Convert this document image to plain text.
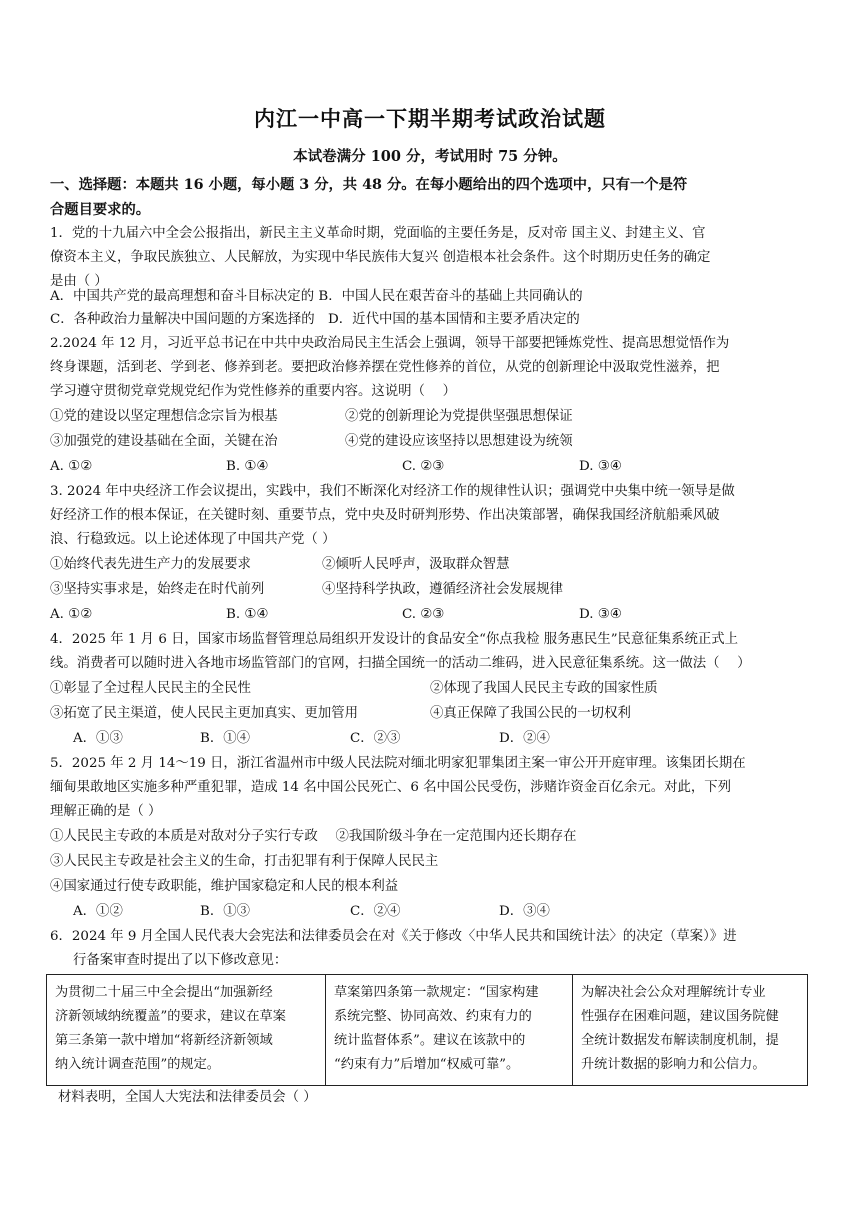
内江一中高一下期半期考试政治试题
本试卷满分 100 分，考试用时 75 分钟。
一、选择题：本题共 16 小题，每小题 3 分，共 48 分。在每小题给出的四个选项中，只有一个是符
合题目要求的。
1．党的十九届六中全会公报指出，新民主主义革命时期，党面临的主要任务是，反对帝 国主义、封建主义、官
僚资本主义，争取民族独立、人民解放，为实现中华民族伟大复兴 创造根本社会条件。这个时期历史任务的确定
是由（ ）
A．中国共产党的最高理想和奋斗目标决定的 B．中国人民在艰苦奋斗的基础上共同确认的
C．各种政治力量解决中国问题的方案选择的　D．近代中国的基本国情和主要矛盾决定的
2.2024 年 12 月，习近平总书记在中共中央政治局民主生活会上强调，领导干部要把锤炼党性、提高思想觉悟作为
终身课题，活到老、学到老、修养到老。要把政治修养摆在党性修养的首位，从党的创新理论中汲取党性滋养，把
学习遵守贯彻党章党规党纪作为党性修养的重要内容。这说明（　 ）
①党的建设以坚定理想信念宗旨为根基	②党的创新理论为党提供坚强思想保证
③加强党的建设基础在全面，关键在治	④党的建设应该坚持以思想建设为统领
A. ①②	B. ①④	C. ②③	D. ③④
3. 2024 年中央经济工作会议提出，实践中，我们不断深化对经济工作的规律性认识；强调党中央集中统一领导是做
好经济工作的根本保证，在关键时刻、重要节点，党中央及时研判形势、作出决策部署，确保我国经济航船乘风破
浪、行稳致远。以上论述体现了中国共产党（ ）
①始终代表先进生产力的发展要求	②倾听人民呼声，汲取群众智慧
③坚持实事求是，始终走在时代前列	④坚持科学执政，遵循经济社会发展规律
A. ①②	B. ①④	C. ②③	D. ③④
4．2025 年 1 月 6 日，国家市场监督管理总局组织开发设计的食品安全“你点我检 服务惠民生”民意征集系统正式上
线。消费者可以随时进入各地市场监管部门的官网，扫描全国统一的活动二维码，进入民意征集系统。这一做法（　 ）
①彰显了全过程人民民主的全民性	②体现了我国人民民主专政的国家性质
③拓宽了民主渠道，使人民民主更加真实、更加管用	④真正保障了我国公民的一切权利
A．①③	B．①④	C．②③	D．②④
5．2025 年 2 月 14～19 日，浙江省温州市中级人民法院对缅北明家犯罪集团主案一审公开开庭审理。该集团长期在
缅甸果敢地区实施多种严重犯罪，造成 14 名中国公民死亡、6 名中国公民受伤，涉赌诈资金百亿余元。对此，下列
理解正确的是（ ）
①人民民主专政的本质是对敌对分子实行专政　 ②我国阶级斗争在一定范围内还长期存在
③人民民主专政是社会主义的生命，打击犯罪有利于保障人民民主
④国家通过行使专政职能，维护国家稳定和人民的根本利益
A．①②	B．①③	C．②④	D．③④
6．2024 年 9 月全国人民代表大会宪法和法律委员会在对《关于修改〈中华人民共和国统计法〉的决定（草案）》进
行备案审查时提出了以下修改意见：
为贯彻二十届三中全会提出“加强新经
济新领域纳统覆盖”的要求，建议在草案
第三条第一款中增加“将新经济新领域
纳入统计调查范围”的规定。

草案第四条第一款规定：“国家构建
系统完整、协同高效、约束有力的
统计监督体系”。建议在该款中的
“约束有力”后增加“权威可靠”。

为解决社会公众对理解统计专业
性强存在困难问题，建议国务院健
全统计数据发布解读制度机制，提
升统计数据的影响力和公信力。
材料表明，全国人大宪法和法律委员会（ ）
